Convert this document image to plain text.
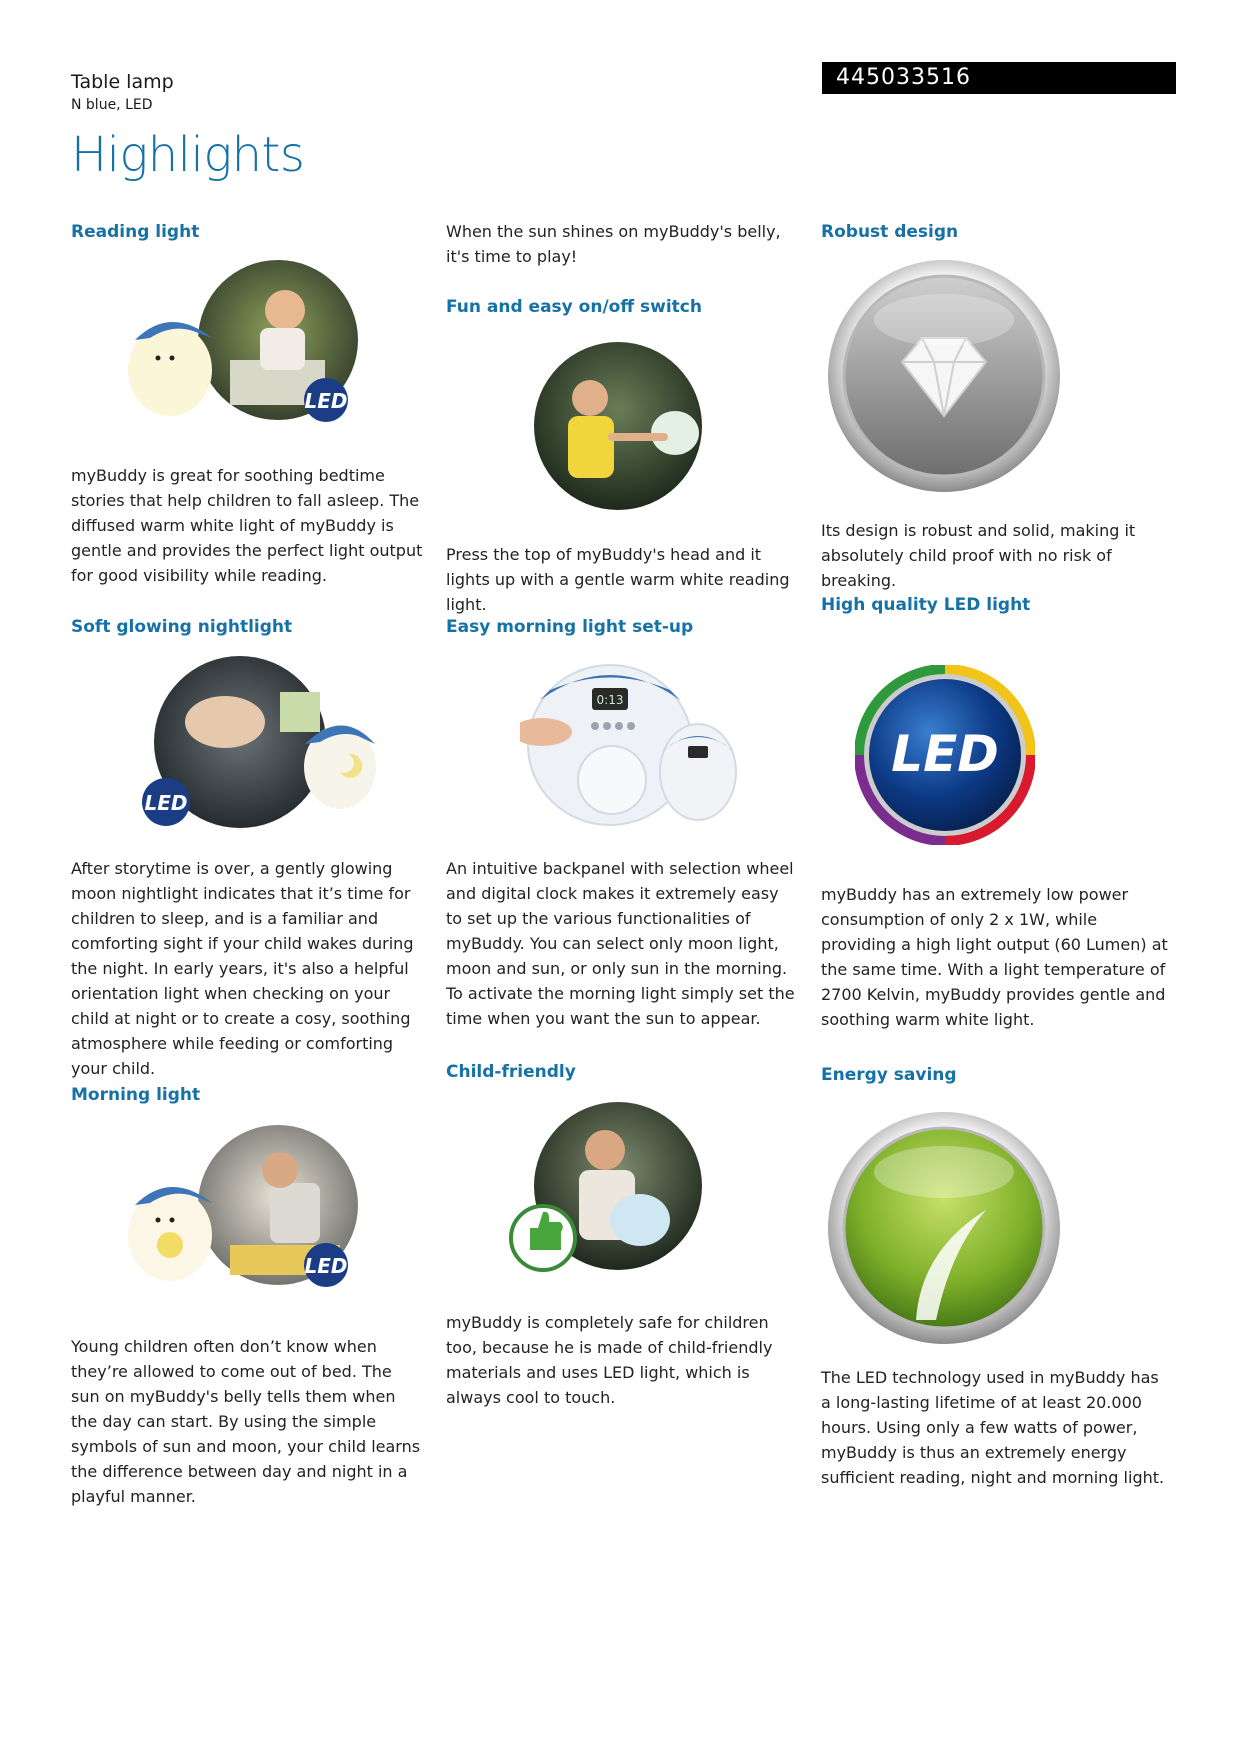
Table lamp
N blue, LED
445033516
Highlights
Reading light
LED

myBuddy is great for soothing bedtime stories that help children to fall asleep. The diffused warm white light of myBuddy is gentle and provides the perfect light output for good visibility while reading.

Soft glowing nightlight
LED

After storytime is over, a gently glowing moon nightlight indicates that it’s time for children to sleep, and is a familiar and comforting sight if your child wakes during the night. In early years, it's also a helpful orientation light when checking on your child at night or to create a cosy, soothing atmosphere while feeding or comforting your child.

Morning light
LED

Young children often don’t know when they’re allowed to come out of bed. The sun on myBuddy's belly tells them when the day can start. By using the simple symbols of sun and moon, your child learns the difference between day and night in a playful manner.

When the sun shines on myBuddy's belly, it's time to play!

Fun and easy on/off switch

Press the top of myBuddy's head and it lights up with a gentle warm white reading light.

Easy morning light set-up
0:13

An intuitive backpanel with selection wheel and digital clock makes it extremely easy to set up the various functionalities of myBuddy. You can select only moon light, moon and sun, or only sun in the morning. To activate the morning light simply set the time when you want the sun to appear.

Child-friendly

myBuddy is completely safe for children too, because he is made of child-friendly materials and uses LED light, which is always cool to touch.

Robust design

Its design is robust and solid, making it absolutely child proof with no risk of breaking.

High quality LED light
LED

myBuddy has an extremely low power consumption of only 2 x 1W, while providing a high light output (60 Lumen) at the same time. With a light temperature of 2700 Kelvin, myBuddy provides gentle and soothing warm white light.

Energy saving

The LED technology used in myBuddy has a long-lasting lifetime of at least 20.000 hours. Using only a few watts of power, myBuddy is thus an extremely energy sufficient reading, night and morning light.
